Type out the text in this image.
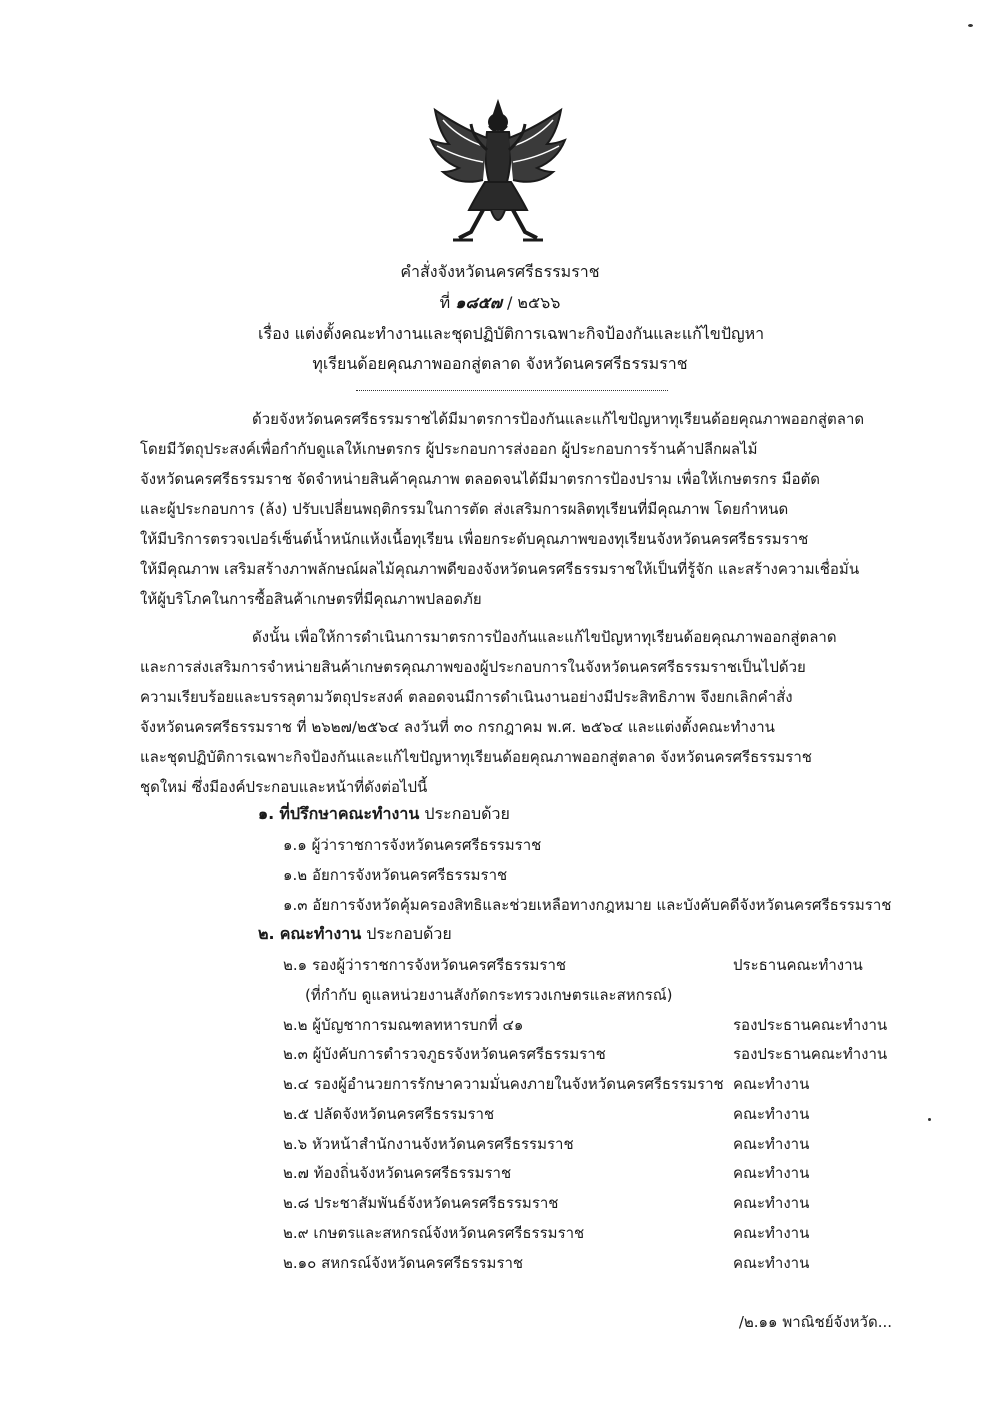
คำสั่งจังหวัดนครศรีธรรมราช
ที่ ๑๘๕๗ / ๒๕๖๖
เรื่อง แต่งตั้งคณะทำงานและชุดปฏิบัติการเฉพาะกิจป้องกันและแก้ไขปัญหา
ทุเรียนด้อยคุณภาพออกสู่ตลาด จังหวัดนครศรีธรรมราช
ด้วยจังหวัดนครศรีธรรมราชได้มีมาตรการป้องกันและแก้ไขปัญหาทุเรียนด้อยคุณภาพออกสู่ตลาด
โดยมีวัตถุประสงค์เพื่อกำกับดูแลให้เกษตรกร ผู้ประกอบการส่งออก ผู้ประกอบการร้านค้าปลีกผลไม้
จังหวัดนครศรีธรรมราช จัดจำหน่ายสินค้าคุณภาพ ตลอดจนได้มีมาตรการป้องปราม เพื่อให้เกษตรกร มือตัด
และผู้ประกอบการ (ล้ง) ปรับเปลี่ยนพฤติกรรมในการตัด ส่งเสริมการผลิตทุเรียนที่มีคุณภาพ โดยกำหนด
ให้มีบริการตรวจเปอร์เซ็นต์น้ำหนักแห้งเนื้อทุเรียน เพื่อยกระดับคุณภาพของทุเรียนจังหวัดนครศรีธรรมราช
ให้มีคุณภาพ เสริมสร้างภาพลักษณ์ผลไม้คุณภาพดีของจังหวัดนครศรีธรรมราชให้เป็นที่รู้จัก และสร้างความเชื่อมั่น
ให้ผู้บริโภคในการซื้อสินค้าเกษตรที่มีคุณภาพปลอดภัย
ดังนั้น เพื่อให้การดำเนินการมาตรการป้องกันและแก้ไขปัญหาทุเรียนด้อยคุณภาพออกสู่ตลาด
และการส่งเสริมการจำหน่ายสินค้าเกษตรคุณภาพของผู้ประกอบการในจังหวัดนครศรีธรรมราชเป็นไปด้วย
ความเรียบร้อยและบรรลุตามวัตถุประสงค์ ตลอดจนมีการดำเนินงานอย่างมีประสิทธิภาพ จึงยกเลิกคำสั่ง
จังหวัดนครศรีธรรมราช ที่ ๒๖๒๗/๒๕๖๔ ลงวันที่ ๓๐ กรกฎาคม พ.ศ. ๒๕๖๔ และแต่งตั้งคณะทำงาน
และชุดปฏิบัติการเฉพาะกิจป้องกันและแก้ไขปัญหาทุเรียนด้อยคุณภาพออกสู่ตลาด จังหวัดนครศรีธรรมราช
ชุดใหม่ ซึ่งมีองค์ประกอบและหน้าที่ดังต่อไปนี้
๑. ที่ปรึกษาคณะทำงาน ประกอบด้วย
๑.๑ ผู้ว่าราชการจังหวัดนครศรีธรรมราช
๑.๒ อัยการจังหวัดนครศรีธรรมราช
๑.๓ อัยการจังหวัดคุ้มครองสิทธิและช่วยเหลือทางกฎหมาย และบังคับคดีจังหวัดนครศรีธรรมราช
๒. คณะทำงาน ประกอบด้วย
๒.๑ รองผู้ว่าราชการจังหวัดนครศรีธรรมราช	ประธานคณะทำงาน
(ที่กำกับ ดูแลหน่วยงานสังกัดกระทรวงเกษตรและสหกรณ์)
๒.๒ ผู้บัญชาการมณฑลทหารบกที่ ๔๑	รองประธานคณะทำงาน
๒.๓ ผู้บังคับการตำรวจภูธรจังหวัดนครศรีธรรมราช	รองประธานคณะทำงาน
๒.๔ รองผู้อำนวยการรักษาความมั่นคงภายในจังหวัดนครศรีธรรมราช คณะทำงาน
๒.๕ ปลัดจังหวัดนครศรีธรรมราช	คณะทำงาน
๒.๖ หัวหน้าสำนักงานจังหวัดนครศรีธรรมราช	คณะทำงาน
๒.๗ ท้องถิ่นจังหวัดนครศรีธรรมราช	คณะทำงาน
๒.๘ ประชาสัมพันธ์จังหวัดนครศรีธรรมราช	คณะทำงาน
๒.๙ เกษตรและสหกรณ์จังหวัดนครศรีธรรมราช	คณะทำงาน
๒.๑๐ สหกรณ์จังหวัดนครศรีธรรมราช	คณะทำงาน
/๒.๑๑ พาณิชย์จังหวัด...
